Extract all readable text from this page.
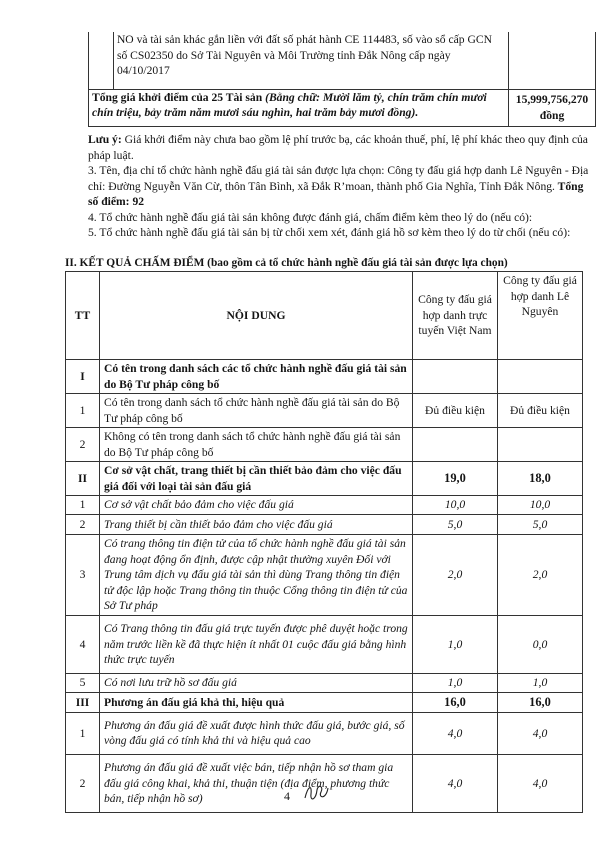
	NO và tài sản khác gắn liền với đất số phát hành CE 114483, số vào sổ cấp GCN số CS02350 do Sở Tài Nguyên và Môi Trường tỉnh Đắk Nông cấp ngày 04/10/2017	
Tổng giá khởi điểm của 25 Tài sản (Bằng chữ: Mười lăm tỷ, chín trăm chín mươi chín triệu, bảy trăm năm mươi sáu nghìn, hai trăm bảy mươi đồng).		15,999,756,270 đồng

Lưu ý: Giá khởi điểm này chưa bao gồm lệ phí trước bạ, các khoản thuế, phí, lệ phí khác theo quy định của pháp luật.

3. Tên, địa chỉ tổ chức hành nghề đấu giá tài sản được lựa chọn: Công ty đấu giá hợp danh Lê Nguyên - Địa chỉ: Đường Nguyễn Văn Cừ, thôn Tân Bình, xã Đắk R’moan, thành phố Gia Nghĩa, Tỉnh Đắk Nông. Tổng số điểm: 92

4. Tổ chức hành nghề đấu giá tài sản không được đánh giá, chấm điểm kèm theo lý do (nếu có):

5. Tổ chức hành nghề đấu giá tài sản bị từ chối xem xét, đánh giá hồ sơ kèm theo lý do từ chối (nếu có):

II. KẾT QUẢ CHẤM ĐIỂM (bao gồm cả tổ chức hành nghề đấu giá tài sản được lựa chọn)
TT	NỘI DUNG	Công ty đấu giá hợp danh trực tuyến Việt Nam	Công ty đấu giá hợp danh Lê Nguyên
I	Có tên trong danh sách các tổ chức hành nghề đấu giá tài sản do Bộ Tư pháp công bố		
1	Có tên trong danh sách tổ chức hành nghề đấu giá tài sản do Bộ Tư pháp công bố	Đủ điều kiện	Đủ điều kiện
2	Không có tên trong danh sách tổ chức hành nghề đấu giá tài sản do Bộ Tư pháp công bố		
II	Cơ sở vật chất, trang thiết bị cần thiết bảo đảm cho việc đấu giá đối với loại tài sản đấu giá	19,0	18,0
1	Cơ sở vật chất bảo đảm cho việc đấu giá	10,0	10,0
2	Trang thiết bị cần thiết bảo đảm cho việc đấu giá	5,0	5,0
3	Có trang thông tin điện tử của tổ chức hành nghề đấu giá tài sản đang hoạt động ổn định, được cập nhật thường xuyên Đối với Trung tâm dịch vụ đấu giá tài sản thì dùng Trang thông tin điện tử độc lập hoặc Trang thông tin thuộc Cổng thông tin điện tử của Sở Tư pháp	2,0	2,0
4	Có Trang thông tin đấu giá trực tuyến được phê duyệt hoặc trong năm trước liền kề đã thực hiện ít nhất 01 cuộc đấu giá bằng hình thức trực tuyến	1,0	0,0
5	Có nơi lưu trữ hồ sơ đấu giá	1,0	1,0
III	Phương án đấu giá khả thi, hiệu quả	16,0	16,0
1	Phương án đấu giá đề xuất được hình thức đấu giá, bước giá, số vòng đấu giá có tính khả thi và hiệu quả cao	4,0	4,0
2	Phương án đấu giá đề xuất việc bán, tiếp nhận hồ sơ tham gia đấu giá công khai, khả thi, thuận tiện (địa điểm, phương thức bán, tiếp nhận hồ sơ)	4,0	4,0
4
